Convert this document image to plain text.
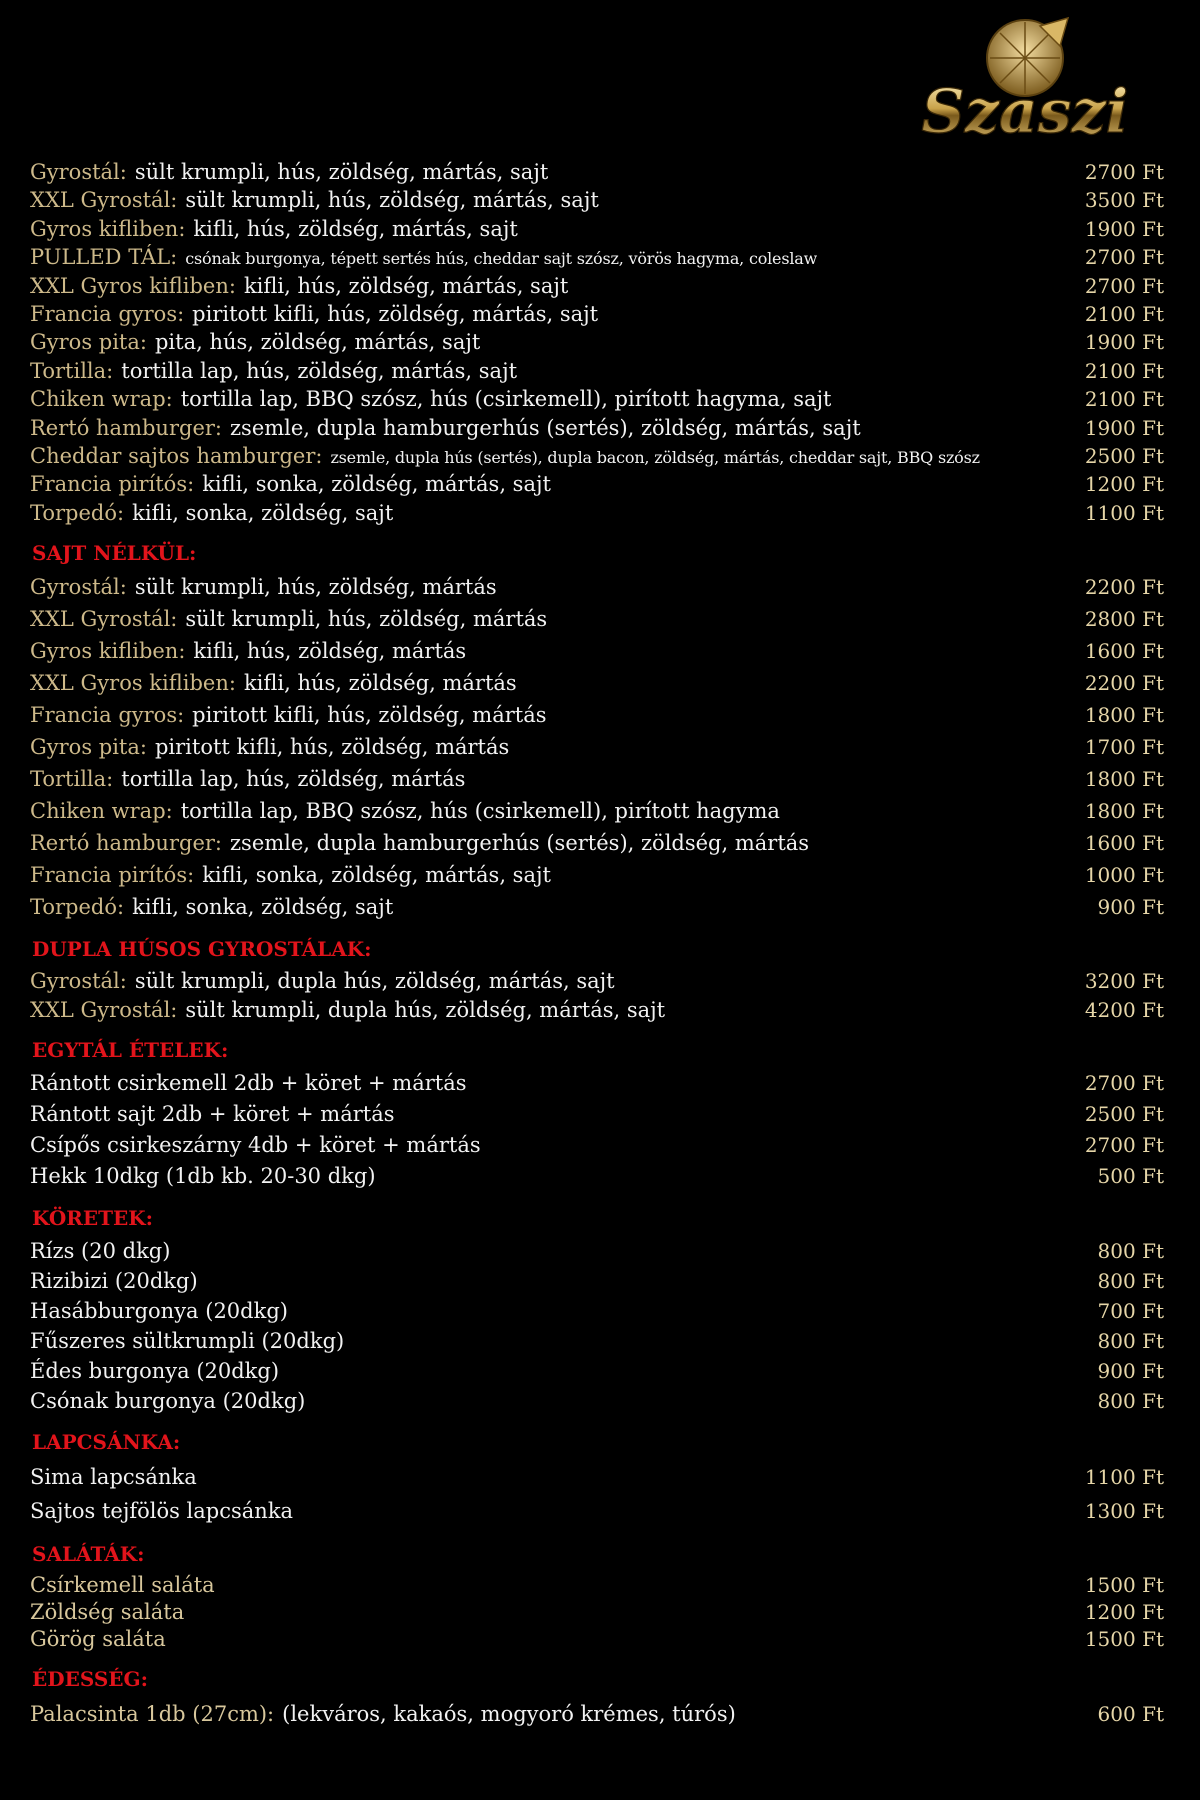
Szaszi
Gyrostál: sült krumpli, hús, zöldség, mártás, sajt	2700 Ft
XXL Gyrostál: sült krumpli, hús, zöldség, mártás, sajt	3500 Ft
Gyros kifliben: kifli, hús, zöldség, mártás, sajt	1900 Ft
PULLED TÁL: csónak burgonya, tépett sertés hús, cheddar sajt szósz, vörös hagyma, coleslaw	2700 Ft
XXL Gyros kifliben: kifli, hús, zöldség, mártás, sajt	2700 Ft
Francia gyros: piritott kifli, hús, zöldség, mártás, sajt	2100 Ft
Gyros pita: pita, hús, zöldség, mártás, sajt	1900 Ft
Tortilla: tortilla lap, hús, zöldség, mártás, sajt	2100 Ft
Chiken wrap: tortilla lap, BBQ szósz, hús (csirkemell), pirított hagyma, sajt	2100 Ft
Rertó hamburger: zsemle, dupla hamburgerhús (sertés), zöldség, mártás, sajt	1900 Ft
Cheddar sajtos hamburger: zsemle, dupla hús (sertés), dupla bacon, zöldség, mártás, cheddar sajt, BBQ szósz	2500 Ft
Francia pirítós: kifli, sonka, zöldség, mártás, sajt	1200 Ft
Torpedó: kifli, sonka, zöldség, sajt	1100 Ft
SAJT NÉLKÜL:
Gyrostál: sült krumpli, hús, zöldség, mártás	2200 Ft
XXL Gyrostál: sült krumpli, hús, zöldség, mártás	2800 Ft
Gyros kifliben: kifli, hús, zöldség, mártás	1600 Ft
XXL Gyros kifliben: kifli, hús, zöldség, mártás	2200 Ft
Francia gyros: piritott kifli, hús, zöldség, mártás	1800 Ft
Gyros pita: piritott kifli, hús, zöldség, mártás	1700 Ft
Tortilla: tortilla lap, hús, zöldség, mártás	1800 Ft
Chiken wrap: tortilla lap, BBQ szósz, hús (csirkemell), pirított hagyma	1800 Ft
Rertó hamburger: zsemle, dupla hamburgerhús (sertés), zöldség, mártás	1600 Ft
Francia pirítós: kifli, sonka, zöldség, mártás, sajt	1000 Ft
Torpedó: kifli, sonka, zöldség, sajt	900 Ft
DUPLA HÚSOS GYROSTÁLAK:
Gyrostál: sült krumpli, dupla hús, zöldség, mártás, sajt	3200 Ft
XXL Gyrostál: sült krumpli, dupla hús, zöldség, mártás, sajt	4200 Ft
EGYTÁL ÉTELEK:
Rántott csirkemell 2db + köret + mártás	2700 Ft
Rántott sajt 2db + köret + mártás	2500 Ft
Csípős csirkeszárny 4db + köret + mártás	2700 Ft
Hekk 10dkg (1db kb. 20-30 dkg)	500 Ft
KÖRETEK:
Rízs (20 dkg)	800 Ft
Rizibizi (20dkg)	800 Ft
Hasábburgonya (20dkg)	700 Ft
Fűszeres sültkrumpli (20dkg)	800 Ft
Édes burgonya (20dkg)	900 Ft
Csónak burgonya (20dkg)	800 Ft
LAPCSÁNKA:
Sima lapcsánka	1100 Ft
Sajtos tejfölös lapcsánka	1300 Ft
SALÁTÁK:
Csírkemell saláta	1500 Ft
Zöldség saláta	1200 Ft
Görög saláta	1500 Ft
ÉDESSÉG:
Palacsinta 1db (27cm): (lekváros, kakaós, mogyoró krémes, túrós)	600 Ft
